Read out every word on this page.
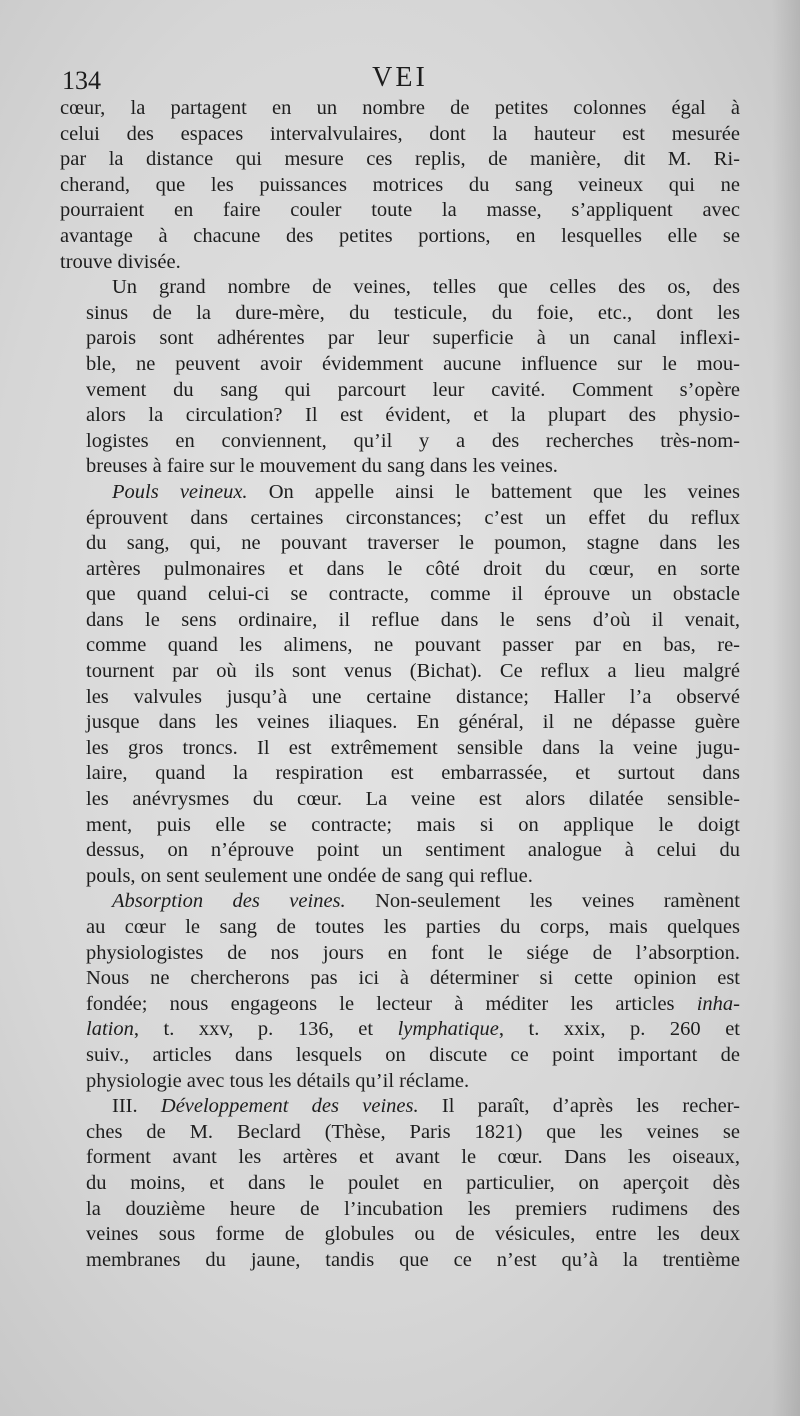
134	VEI
cœur, la partagent en un nombre de petites colonnes égal à
celui des espaces intervalvulaires, dont la hauteur est mesurée
par la distance qui mesure ces replis, de manière, dit M. Ri-
cherand, que les puissances motrices du sang veineux qui ne
pourraient en faire couler toute la masse, s’appliquent avec
avantage à chacune des petites portions, en lesquelles elle se
trouve divisée.
Un grand nombre de veines, telles que celles des os, des
sinus de la dure-mère, du testicule, du foie, etc., dont les
parois sont adhérentes par leur superficie à un canal inflexi-
ble, ne peuvent avoir évidemment aucune influence sur le mou-
vement du sang qui parcourt leur cavité. Comment s’opère
alors la circulation? Il est évident, et la plupart des physio-
logistes en conviennent, qu’il y a des recherches très-nom-
breuses à faire sur le mouvement du sang dans les veines.
Pouls veineux. On appelle ainsi le battement que les veines
éprouvent dans certaines circonstances; c’est un effet du reflux
du sang, qui, ne pouvant traverser le poumon, stagne dans les
artères pulmonaires et dans le côté droit du cœur, en sorte
que quand celui-ci se contracte, comme il éprouve un obstacle
dans le sens ordinaire, il reflue dans le sens d’où il venait,
comme quand les alimens, ne pouvant passer par en bas, re-
tournent par où ils sont venus (Bichat). Ce reflux a lieu malgré
les valvules jusqu’à une certaine distance; Haller l’a observé
jusque dans les veines iliaques. En général, il ne dépasse guère
les gros troncs. Il est extrêmement sensible dans la veine jugu-
laire, quand la respiration est embarrassée, et surtout dans
les anévrysmes du cœur. La veine est alors dilatée sensible-
ment, puis elle se contracte; mais si on applique le doigt
dessus, on n’éprouve point un sentiment analogue à celui du
pouls, on sent seulement une ondée de sang qui reflue.
Absorption des veines. Non-seulement les veines ramènent
au cœur le sang de toutes les parties du corps, mais quelques
physiologistes de nos jours en font le siége de l’absorption.
Nous ne chercherons pas ici à déterminer si cette opinion est
fondée; nous engageons le lecteur à méditer les articles inha-
lation, t. xxv, p. 136, et lymphatique, t. xxix, p. 260 et
suiv., articles dans lesquels on discute ce point important de
physiologie avec tous les détails qu’il réclame.
III. Développement des veines. Il paraît, d’après les recher-
ches de M. Beclard (Thèse, Paris 1821) que les veines se
forment avant les artères et avant le cœur. Dans les oiseaux,
du moins, et dans le poulet en particulier, on aperçoit dès
la douzième heure de l’incubation les premiers rudimens des
veines sous forme de globules ou de vésicules, entre les deux
membranes du jaune, tandis que ce n’est qu’à la trentième
